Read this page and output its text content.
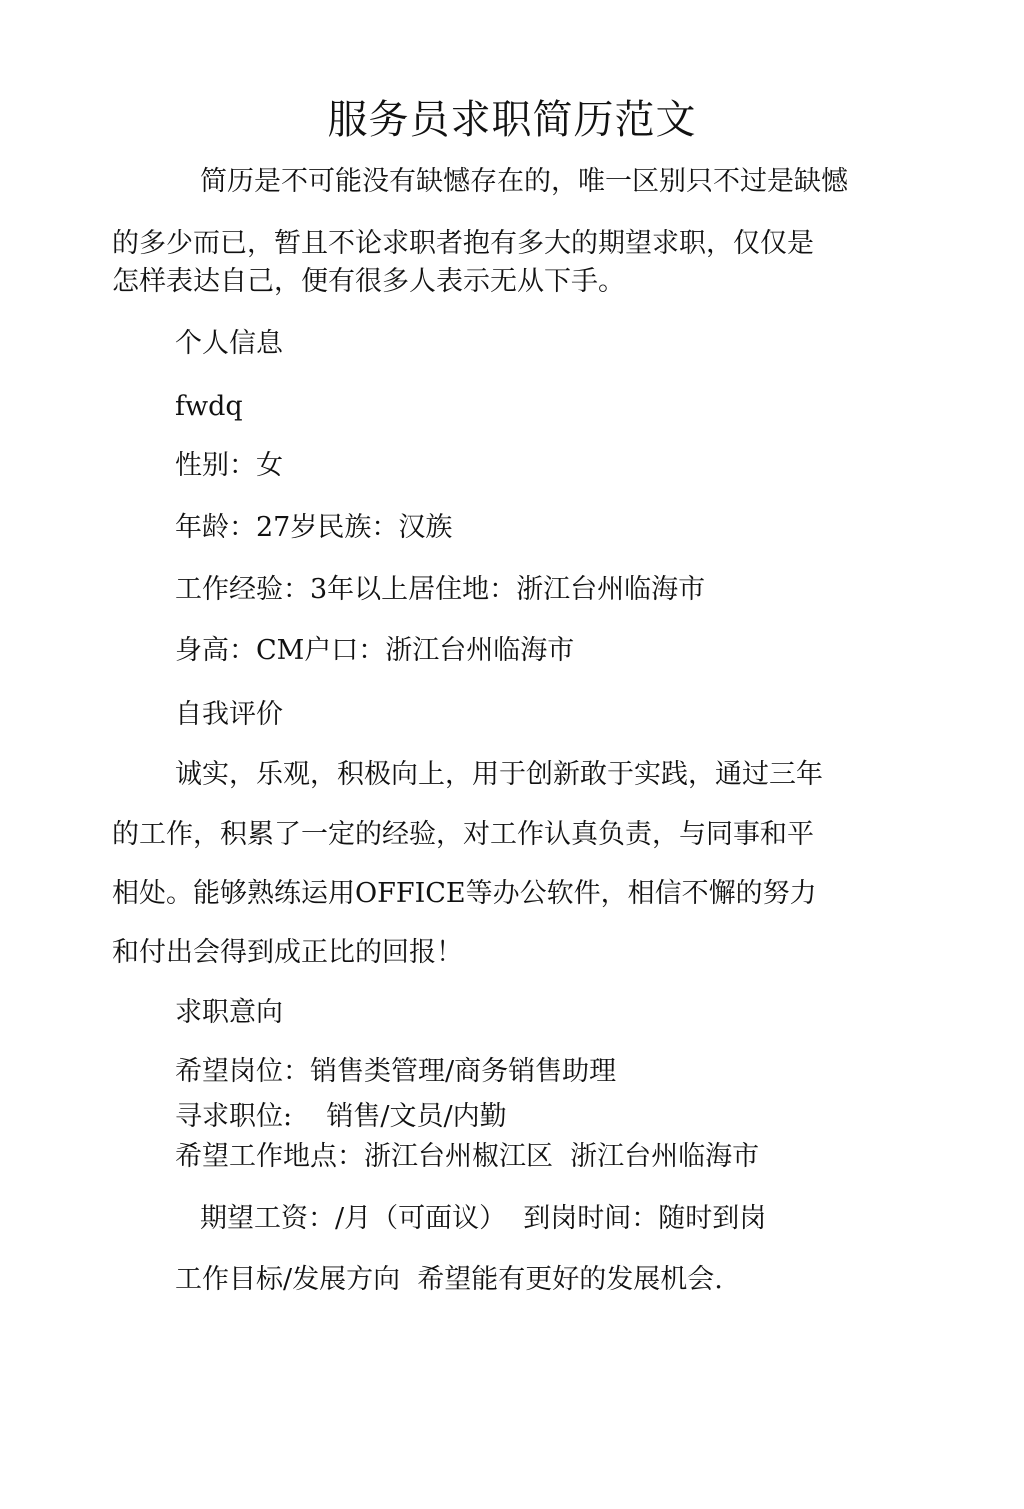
服务员求职简历范文

简历是不可能没有缺憾存在的，唯一区别只不过是缺憾

的多少而已，暂且不论求职者抱有多大的期望求职，仅仅是

怎样表达自己，便有很多人表示无从下手。

个人信息

fwdq

性别：女

年龄：27岁民族：汉族

工作经验：3年以上居住地：浙江台州临海市

身高：CM户口：浙江台州临海市

自我评价

诚实，乐观，积极向上，用于创新敢于实践，通过三年

的工作，积累了一定的经验，对工作认真负责，与同事和平

相处。能够熟练运用OFFICE等办公软件，相信不懈的努力

和付出会得到成正比的回报！

求职意向

希望岗位：销售类管理/商务销售助理

寻求职位:    销售/文员/内勤

希望工作地点：浙江台州椒江区  浙江台州临海市

期望工资：/月（可面议）  到岗时间：随时到岗

工作目标/发展方向  希望能有更好的发展机会.
